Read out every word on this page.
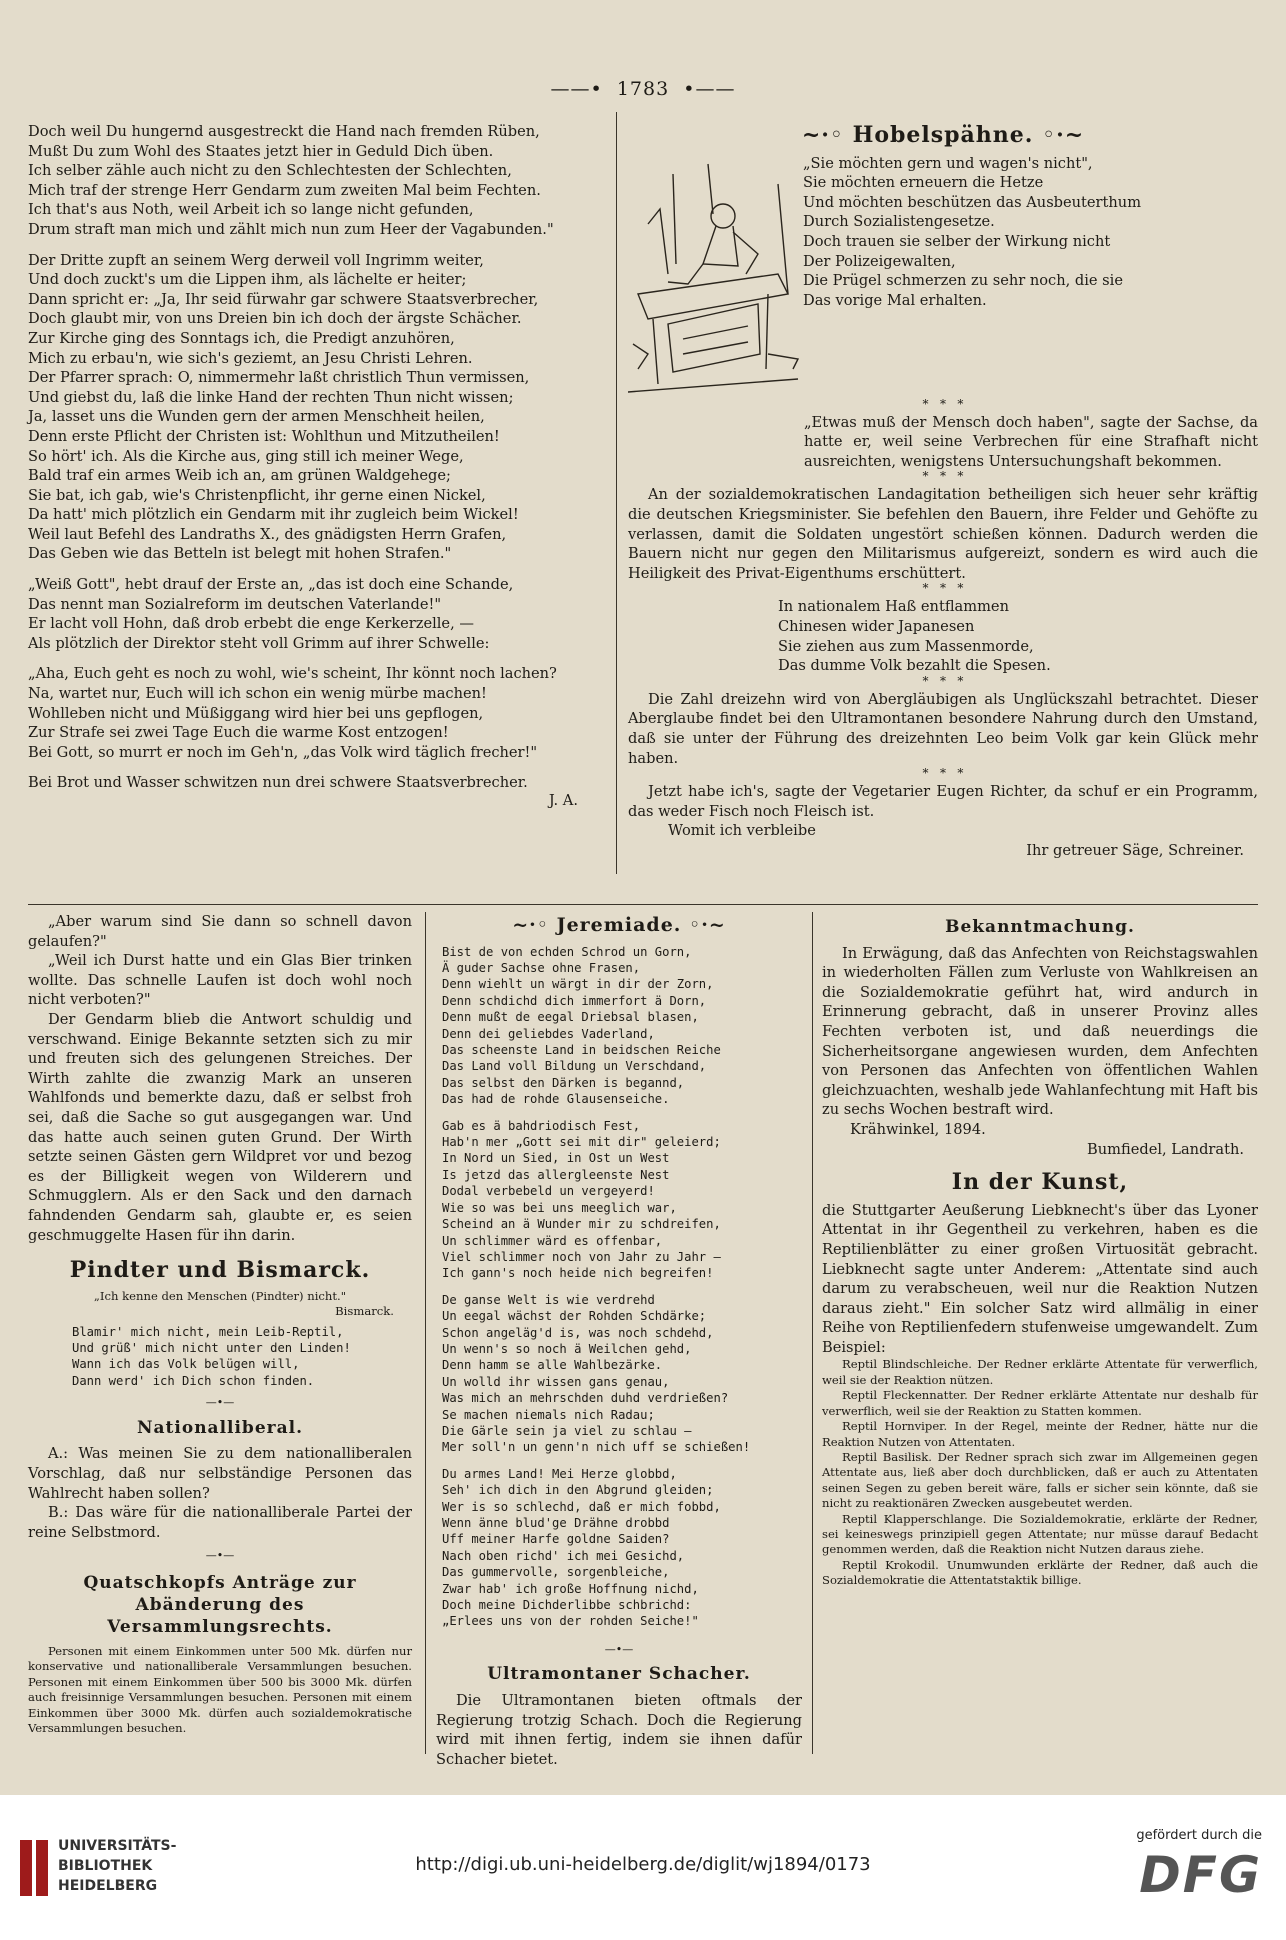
——•  1783  •——

Doch weil Du hungernd ausgestreckt die Hand nach fremden Rüben,

Mußt Du zum Wohl des Staates jetzt hier in Geduld Dich üben.

Ich selber zähle auch nicht zu den Schlechtesten der Schlechten,

Mich traf der strenge Herr Gendarm zum zweiten Mal beim Fechten.

Ich that's aus Noth, weil Arbeit ich so lange nicht gefunden,

Drum straft man mich und zählt mich nun zum Heer der Vagabunden."

Der Dritte zupft an seinem Werg derweil voll Ingrimm weiter,

Und doch zuckt's um die Lippen ihm, als lächelte er heiter;

Dann spricht er: „Ja, Ihr seid fürwahr gar schwere Staatsverbrecher,

Doch glaubt mir, von uns Dreien bin ich doch der ärgste Schächer.

Zur Kirche ging des Sonntags ich, die Predigt anzuhören,

Mich zu erbau'n, wie sich's geziemt, an Jesu Christi Lehren.

Der Pfarrer sprach: O, nimmermehr laßt christlich Thun vermissen,

Und giebst du, laß die linke Hand der rechten Thun nicht wissen;

Ja, lasset uns die Wunden gern der armen Menschheit heilen,

Denn erste Pflicht der Christen ist: Wohlthun und Mitzutheilen!

So hört' ich. Als die Kirche aus, ging still ich meiner Wege,

Bald traf ein armes Weib ich an, am grünen Waldgehege;

Sie bat, ich gab, wie's Christenpflicht, ihr gerne einen Nickel,

Da hatt' mich plötzlich ein Gendarm mit ihr zugleich beim Wickel!

Weil laut Befehl des Landraths X., des gnädigsten Herrn Grafen,

Das Geben wie das Betteln ist belegt mit hohen Strafen."

„Weiß Gott", hebt drauf der Erste an, „das ist doch eine Schande,

Das nennt man Sozialreform im deutschen Vaterlande!"

Er lacht voll Hohn, daß drob erbebt die enge Kerkerzelle, —

Als plötzlich der Direktor steht voll Grimm auf ihrer Schwelle:

„Aha, Euch geht es noch zu wohl, wie's scheint, Ihr könnt noch lachen?

Na, wartet nur, Euch will ich schon ein wenig mürbe machen!

Wohlleben nicht und Müßiggang wird hier bei uns gepflogen,

Zur Strafe sei zwei Tage Euch die warme Kost entzogen!

Bei Gott, so murrt er noch im Geh'n, „das Volk wird täglich frecher!"

Bei Brot und Wasser schwitzen nun drei schwere Staatsverbrecher.

J. A.
~·◦ Hobelspähne. ◦·~

„Sie möchten gern und wagen's nicht",

Sie möchten erneuern die Hetze

Und möchten beschützen das Ausbeuterthum

Durch Sozialistengesetze.

Doch trauen sie selber der Wirkung nicht

Der Polizeigewalten,

Die Prügel schmerzen zu sehr noch, die sie

Das vorige Mal erhalten.

*   *   *

„Etwas muß der Mensch doch haben", sagte der Sachse, da hatte er, weil seine Verbrechen für eine Strafhaft nicht ausreichten, wenigstens Untersuchungshaft bekommen.

*   *   *

An der sozialdemokratischen Landagitation betheiligen sich heuer sehr kräftig die deutschen Kriegsminister. Sie befehlen den Bauern, ihre Felder und Gehöfte zu verlassen, damit die Soldaten ungestört schießen können. Dadurch werden die Bauern nicht nur gegen den Militarismus aufgereizt, sondern es wird auch die Heiligkeit des Privat-Eigenthums erschüttert.

*   *   *

In nationalem Haß entflammen

Chinesen wider Japanesen

Sie ziehen aus zum Massenmorde,

Das dumme Volk bezahlt die Spesen.

*   *   *

Die Zahl dreizehn wird von Abergläubigen als Unglückszahl betrachtet. Dieser Aberglaube findet bei den Ultramontanen besondere Nahrung durch den Umstand, daß sie unter der Führung des dreizehnten Leo beim Volk gar kein Glück mehr haben.

*   *   *

Jetzt habe ich's, sagte der Vegetarier Eugen Richter, da schuf er ein Programm, das weder Fisch noch Fleisch ist.

Womit ich verbleibe

Ihr getreuer Säge, Schreiner.

„Aber warum sind Sie dann so schnell davon gelaufen?"

„Weil ich Durst hatte und ein Glas Bier trinken wollte. Das schnelle Laufen ist doch wohl noch nicht verboten?"

Der Gendarm blieb die Antwort schuldig und verschwand. Einige Bekannte setzten sich zu mir und freuten sich des gelungenen Streiches. Der Wirth zahlte die zwanzig Mark an unseren Wahlfonds und bemerkte dazu, daß er selbst froh sei, daß die Sache so gut ausgegangen war. Und das hatte auch seinen guten Grund. Der Wirth setzte seinen Gästen gern Wildpret vor und bezog es der Billigkeit wegen von Wilderern und Schmugglern. Als er den Sack und den darnach fahndenden Gendarm sah, glaubte er, es seien geschmuggelte Hasen für ihn darin.

Pindter und Bismarck.

„Ich kenne den Menschen (Pindter) nicht."

Bismarck.

Blamir' mich nicht, mein Leib-Reptil,

Und grüß' mich nicht unter den Linden!

Wann ich das Volk belügen will,

Dann werd' ich Dich schon finden.

—•—
Nationalliberal.

A.: Was meinen Sie zu dem nationalliberalen Vorschlag, daß nur selbständige Personen das Wahlrecht haben sollen?

B.: Das wäre für die nationalliberale Partei der reine Selbstmord.

—•—
Quatschkopfs Anträge zur Abänderung des Versammlungsrechts.

Personen mit einem Einkommen unter 500 Mk. dürfen nur konservative und nationalliberale Versammlungen besuchen. Personen mit einem Einkommen über 500 bis 3000 Mk. dürfen auch freisinnige Versammlungen besuchen. Personen mit einem Einkommen über 3000 Mk. dürfen auch sozialdemokratische Versammlungen besuchen.

~·◦ Jeremiade. ◦·~

Bist de von echden Schrod un Gorn,

Ä guder Sachse ohne Frasen,

Denn wiehlt un wärgt in dir der Zorn,

Denn schdichd dich immerfort ä Dorn,

Denn mußt de eegal Driebsal blasen,

Denn dei geliebdes Vaderland,

Das scheenste Land in beidschen Reiche

Das Land voll Bildung un Verschdand,

Das selbst den Därken is begannd,

Das had de rohde Glausenseiche.

Gab es ä bahdriodisch Fest,

Hab'n mer „Gott sei mit dir" geleierd;

In Nord un Sied, in Ost un West

Is jetzd das allergleenste Nest

Dodal verbebeld un vergeyerd!

Wie so was bei uns meeglich war,

Scheind an ä Wunder mir zu schdreifen,

Un schlimmer wärd es offenbar,

Viel schlimmer noch von Jahr zu Jahr —

Ich gann's noch heide nich begreifen!

De ganse Welt is wie verdrehd

Un eegal wächst der Rohden Schdärke;

Schon angeläg'd is, was noch schdehd,

Un wenn's so noch ä Weilchen gehd,

Denn hamm se alle Wahlbezärke.

Un wolld ihr wissen gans genau,

Was mich an mehrschden duhd verdrießen?

Se machen niemals nich Radau;

Die Gärle sein ja viel zu schlau —

Mer soll'n un genn'n nich uff se schießen!

Du armes Land! Mei Herze globbd,

Seh' ich dich in den Abgrund gleiden;

Wer is so schlechd, daß er mich fobbd,

Wenn änne blud'ge Drähne drobbd

Uff meiner Harfe goldne Saiden?

Nach oben richd' ich mei Gesichd,

Das gummervolle, sorgenbleiche,

Zwar hab' ich große Hoffnung nichd,

Doch meine Dichderlibbe schbrichd:

„Erlees uns von der rohden Seiche!"

—•—
Ultramontaner Schacher.

Die Ultramontanen bieten oftmals der Regierung trotzig Schach. Doch die Regierung wird mit ihnen fertig, indem sie ihnen dafür Schacher bietet.

Bekanntmachung.

In Erwägung, daß das Anfechten von Reichstagswahlen in wiederholten Fällen zum Verluste von Wahlkreisen an die Sozialdemokratie geführt hat, wird andurch in Erinnerung gebracht, daß in unserer Provinz alles Fechten verboten ist, und daß neuerdings die Sicherheitsorgane angewiesen wurden, dem Anfechten von Personen das Anfechten von öffentlichen Wahlen gleichzuachten, weshalb jede Wahlanfechtung mit Haft bis zu sechs Wochen bestraft wird.

Krähwinkel, 1894.

Bumfiedel, Landrath.

In der Kunst,

die Stuttgarter Aeußerung Liebknecht's über das Lyoner Attentat in ihr Gegentheil zu verkehren, haben es die Reptilienblätter zu einer großen Virtuosität gebracht. Liebknecht sagte unter Anderem: „Attentate sind auch darum zu verabscheuen, weil nur die Reaktion Nutzen daraus zieht." Ein solcher Satz wird allmälig in einer Reihe von Reptilienfedern stufenweise umgewandelt. Zum Beispiel:

Reptil Blindschleiche. Der Redner erklärte Attentate für verwerflich, weil sie der Reaktion nützen.

Reptil Fleckennatter. Der Redner erklärte Attentate nur deshalb für verwerflich, weil sie der Reaktion zu Statten kommen.

Reptil Hornviper. In der Regel, meinte der Redner, hätte nur die Reaktion Nutzen von Attentaten.

Reptil Basilisk. Der Redner sprach sich zwar im Allgemeinen gegen Attentate aus, ließ aber doch durchblicken, daß er auch zu Attentaten seinen Segen zu geben bereit wäre, falls er sicher sein könnte, daß sie nicht zu reaktionären Zwecken ausgebeutet werden.

Reptil Klapperschlange. Die Sozialdemokratie, erklärte der Redner, sei keineswegs prinzipiell gegen Attentate; nur müsse darauf Bedacht genommen werden, daß die Reaktion nicht Nutzen daraus ziehe.

Reptil Krokodil. Unumwunden erklärte der Redner, daß auch die Sozialdemokratie die Attentatstaktik billige.

UNIVERSITÄTS-
BIBLIOTHEK
HEIDELBERG
http://digi.ub.uni-heidelberg.de/diglit/wj1894/0173
gefördert durch die
DFG
